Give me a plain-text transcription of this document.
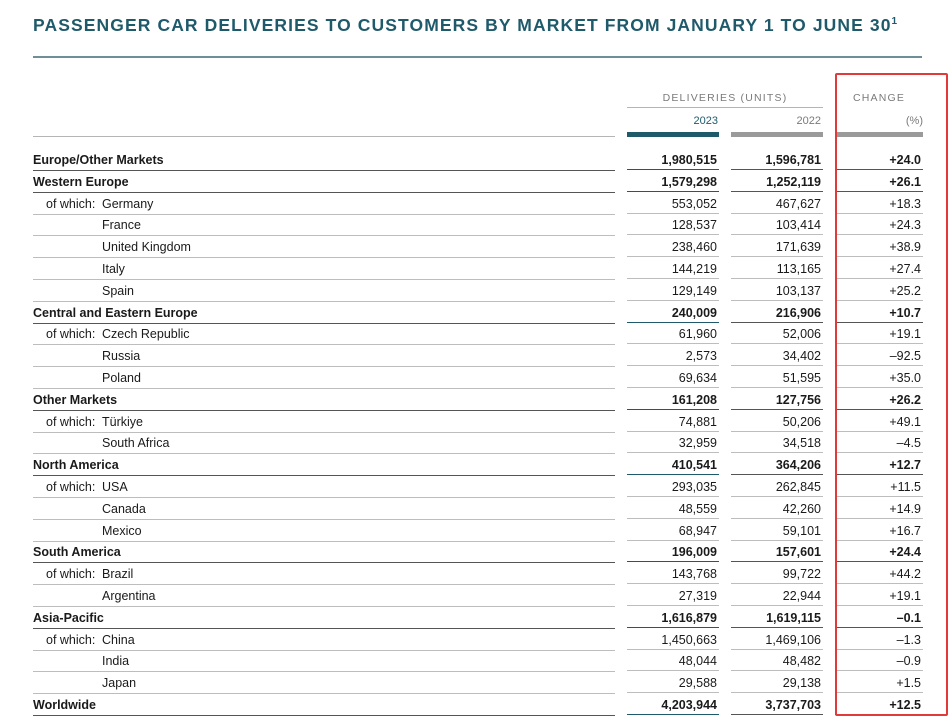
PASSENGER CAR DELIVERIES TO CUSTOMERS BY MARKET FROM JANUARY 1 TO JUNE $30^1$
DELIVERIES (UNITS)	CHANGE
2023	2022	(%)
Europe/Other Markets	1,980,515	1,596,781	+24.0
Western Europe	1,579,298	1,252,119	+26.1
of which: Germany	553,052	467,627	+18.3
France	128,537	103,414	+24.3
United Kingdom	238,460	171,639	+38.9
Italy	144,219	113,165	+27.4
Spain	129,149	103,137	+25.2
Central and Eastern Europe	240,009	216,906	+10.7
of which: Czech Republic	61,960	52,006	+19.1
Russia	2,573	34,402	–92.5
Poland	69,634	51,595	+35.0
Other Markets	161,208	127,756	+26.2
of which: Türkiye	74,881	50,206	+49.1
South Africa	32,959	34,518	–4.5
North America	410,541	364,206	+12.7
of which: USA	293,035	262,845	+11.5
Canada	48,559	42,260	+14.9
Mexico	68,947	59,101	+16.7
South America	196,009	157,601	+24.4
of which: Brazil	143,768	99,722	+44.2
Argentina	27,319	22,944	+19.1
Asia-Pacific	1,616,879	1,619,115	–0.1
of which: China	1,450,663	1,469,106	–1.3
India	48,044	48,482	–0.9
Japan	29,588	29,138	+1.5
Worldwide	4,203,944	3,737,703	+12.5
